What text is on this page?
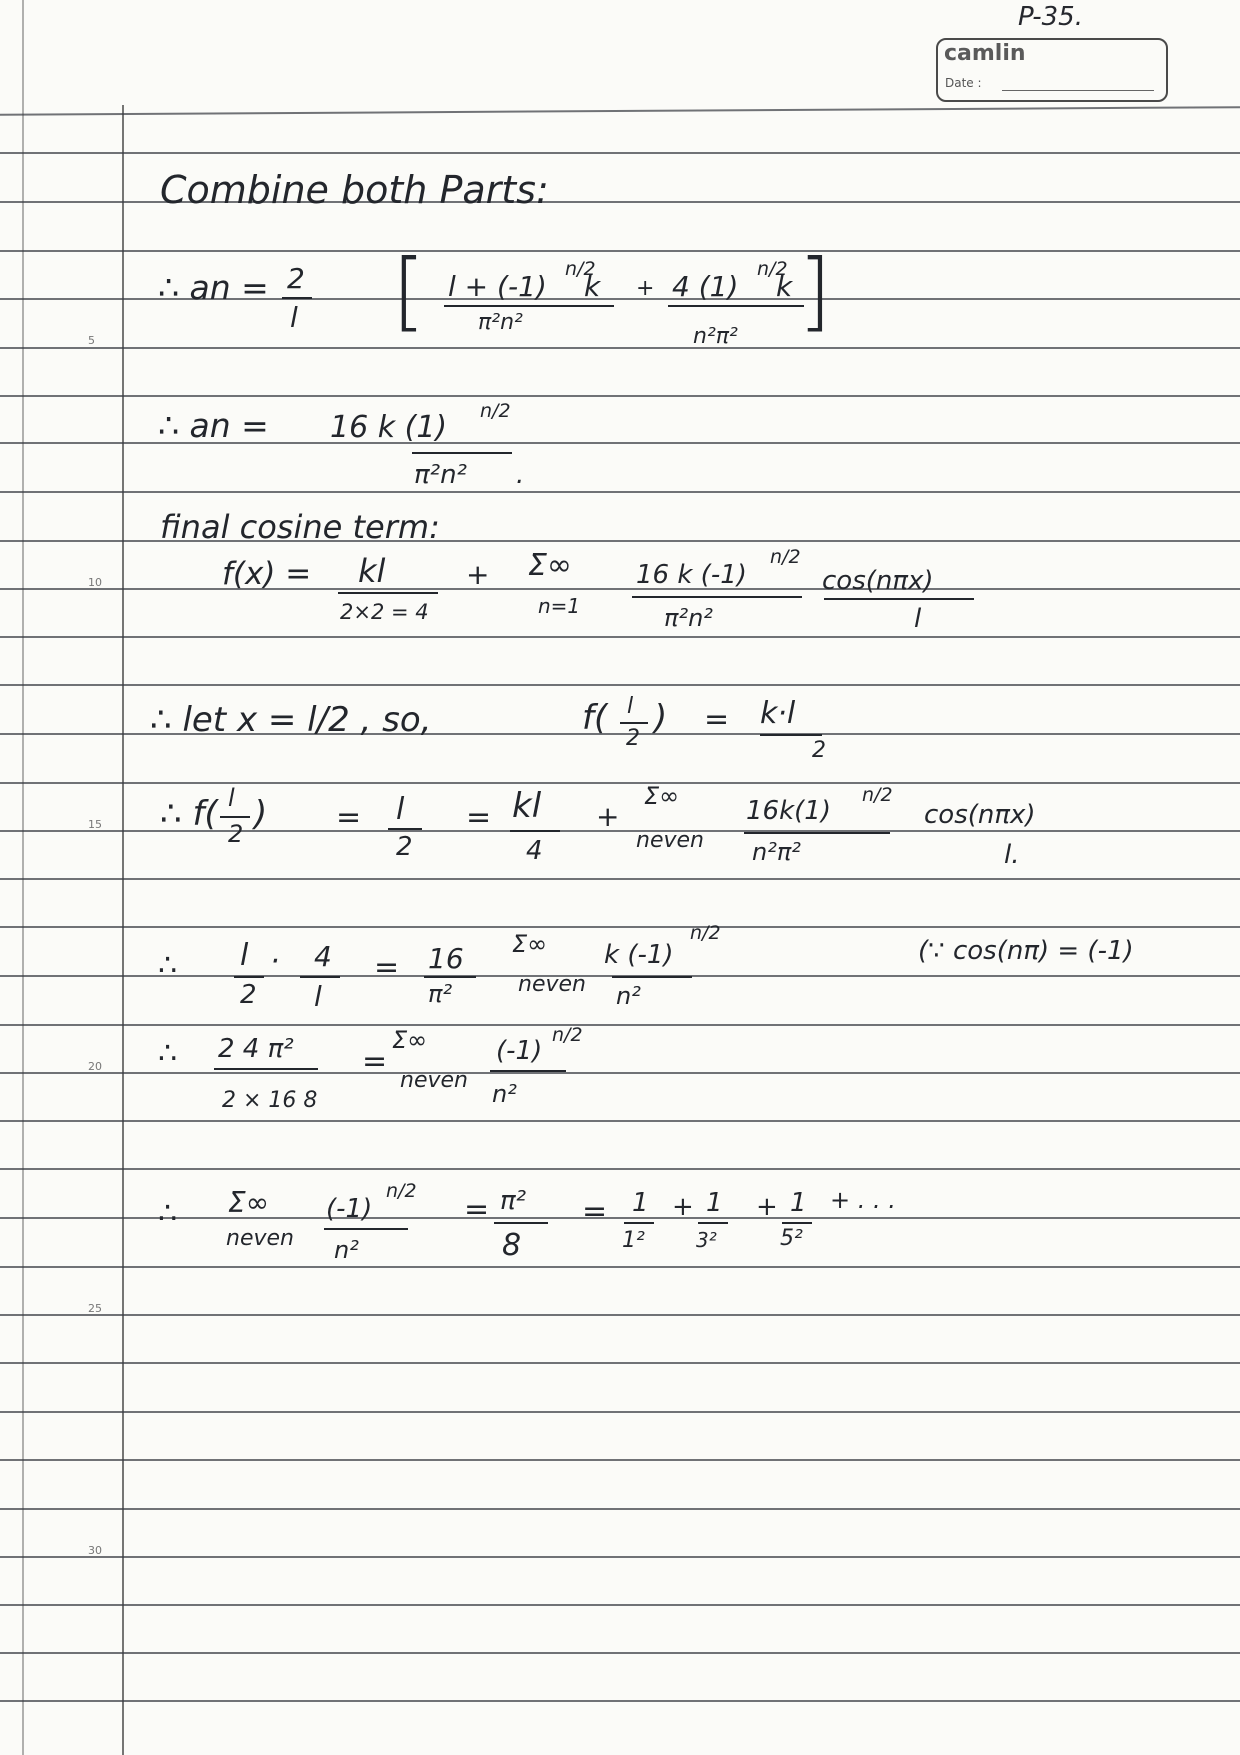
5
10
15
20
25
30
P-35.
camlin
Date :
Combine both Parts:
∴ an = 2
l [ l + (-1)
n/2
k
π²n²
+ 4 (1)
n/2
k
n²π² ]
∴ an = 16 k (1) n/2
π²n² .
final cosine term:
f(x) = kl
2×2 = 4
+ Σ∞
n=1
16 k (-1)
n/2
π²n²
cos(nπx)
l
∴ let x = l/2 , so,	f( l
2
) = k·l
2
∴ f( l
2 ) = l
2
= kl
4
+
Σ∞
neven
16k(1)
n/2
n²π²
cos(nπx)
l.
∴ l
2
· 4
l
= 16
π²
Σ∞
neven
k (-1)
n/2
n²
(∵ cos(nπ) = (-1)
∴ 2 4 π²
2 × 16 8
=
Σ∞
neven
(-1)
n/2
n²
∴ Σ∞
neven
(-1)
n/2
n²
= π²
8
= 1
1²
+ 1
3²
+ 1
5²
+ . . .
